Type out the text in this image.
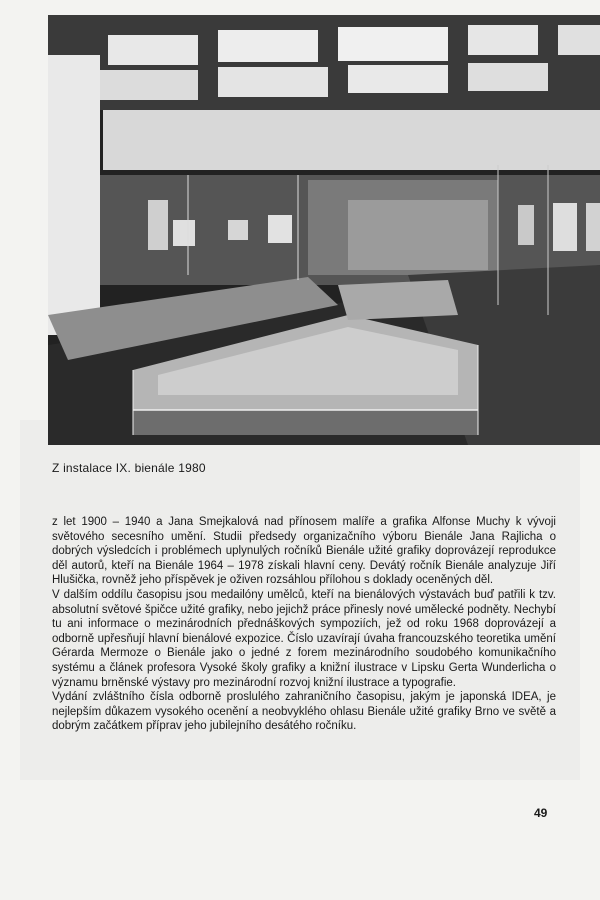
Z instalace IX. bienále 1980

z let 1900 – 1940 a Jana Smejkalová nad přínosem malíře a grafika Alfonse Muchy k vývoji světového secesního umění. Studii předsedy organizačního výboru Bienále Jana Rajlicha o dobrých výsledcích i problémech uplynulých ročníků Bienále užité grafiky doprovázejí reprodukce děl autorů, kteří na Bienále 1964 – 1978 získali hlavní ceny. Devátý ročník Bienále analyzuje Jiří Hlušička, rovněž jeho příspěvek je oživen rozsáhlou přílohou s doklady oceněných děl.

V dalším oddílu časopisu jsou medailóny umělců, kteří na bienálových výstavách buď patřili k tzv. absolutní světové špičce užité grafiky, nebo jejichž práce přinesly nové umělecké podněty. Nechybí tu ani informace o mezinárodních přednáškových sympoziích, jež od roku 1968 doprovázejí a odborně upřesňují hlavní bienálové expozice. Číslo uzavírají úvaha francouzského teoretika umění Gérarda Mermoze o Bienále jako o jedné z forem mezinárodního soudobého komunikačního systému a článek profesora Vysoké školy grafiky a knižní ilustrace v Lipsku Gerta Wunderlicha o významu brněnské výstavy pro mezinárodní rozvoj knižní ilustrace a typografie.

Vydání zvláštního čísla odborně proslulého zahraničního časopisu, jakým je japonská IDEA, je nejlepším důkazem vysokého ocenění a neobvyklého ohlasu Bienále užité grafiky Brno ve světě a dobrým začátkem příprav jeho jubilejního desátého ročníku.

49
